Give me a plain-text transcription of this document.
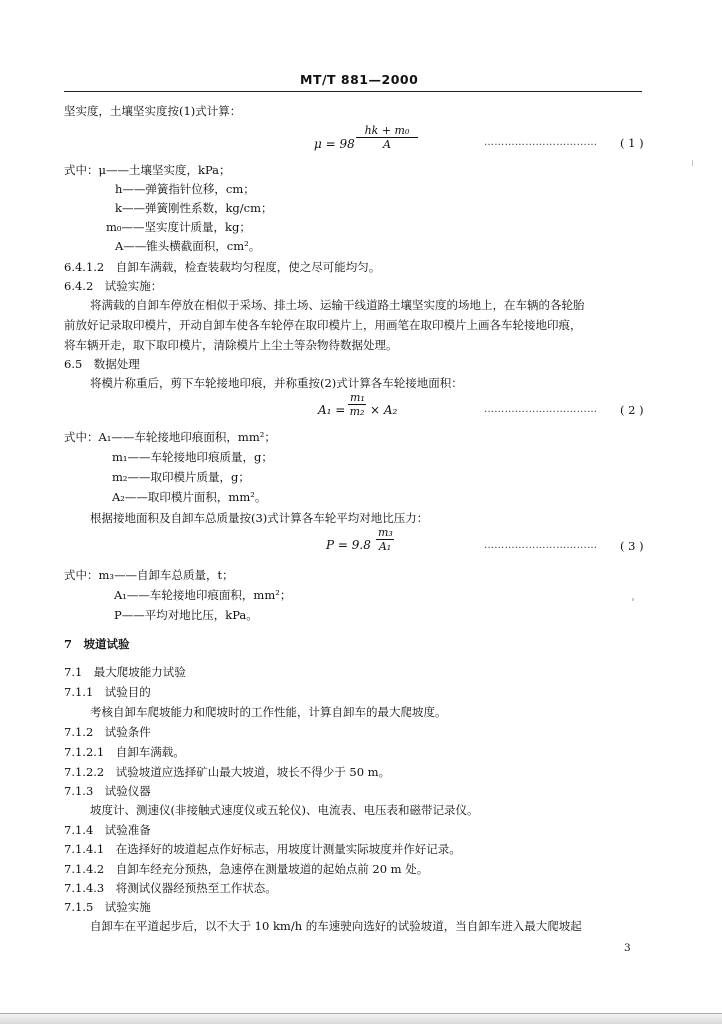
MT/T 881—2000
坚实度，土壤坚实度按(1)式计算：
$\mu = 98 \frac{\text{hk + m₀}}{A}$	…………………………… ( 1 )
式中：μ——土壤坚实度，kPa；
h——弹簧指针位移，cm；
k——弹簧刚性系数，kg/cm；
m₀——坚实度计质量，kg；
A——锥头横截面积，cm²。
6.4.1.2　自卸车满载，检查装载均匀程度，使之尽可能均匀。
6.4.2　试验实施：
将满载的自卸车停放在相似于采场、排土场、运输干线道路土壤坚实度的场地上，在车辆的各轮胎
前放好记录取印模片，开动自卸车使各车轮停在取印模片上，用画笔在取印模片上画各车轮接地印痕，
将车辆开走，取下取印模片，清除模片上尘土等杂物待数据处理。
6.5　数据处理
将模片称重后，剪下车轮接地印痕，并称重按(2)式计算各车轮接地面积：
$A_1 = \frac{\text{m₁}}{\text{m₂}} \times A_2$	…………………………… ( 2 )
式中：A₁——车轮接地印痕面积，mm²；
m₁——车轮接地印痕质量，g；
m₂——取印模片质量，g；
A₂——取印模片面积，mm²。
根据接地面积及自卸车总质量按(3)式计算各车轮平均对地比压力：
$P = 9.8 \frac{\text{m₃}}{\text{A₁}}$	…………………………… ( 3 )
式中：m₃——自卸车总质量，t；
A₁——车轮接地印痕面积，mm²；
P——平均对地比压，kPa。
7　坡道试验
7.1　最大爬坡能力试验
7.1.1　试验目的
考核自卸车爬坡能力和爬坡时的工作性能，计算自卸车的最大爬坡度。
7.1.2　试验条件
7.1.2.1　自卸车满载。
7.1.2.2　试验坡道应选择矿山最大坡道，坡长不得少于 50 m。
7.1.3　试验仪器
坡度计、测速仪(非接触式速度仪或五轮仪)、电流表、电压表和磁带记录仪。
7.1.4　试验准备
7.1.4.1　在选择好的坡道起点作好标志，用坡度计测量实际坡度并作好记录。
7.1.4.2　自卸车经充分预热，急速停在测量坡道的起始点前 20 m 处。
7.1.4.3　将测试仪器经预热至工作状态。
7.1.5　试验实施
自卸车在平道起步后，以不大于 10 km/h 的车速驶向选好的试验坡道，当自卸车进入最大爬坡起
3
